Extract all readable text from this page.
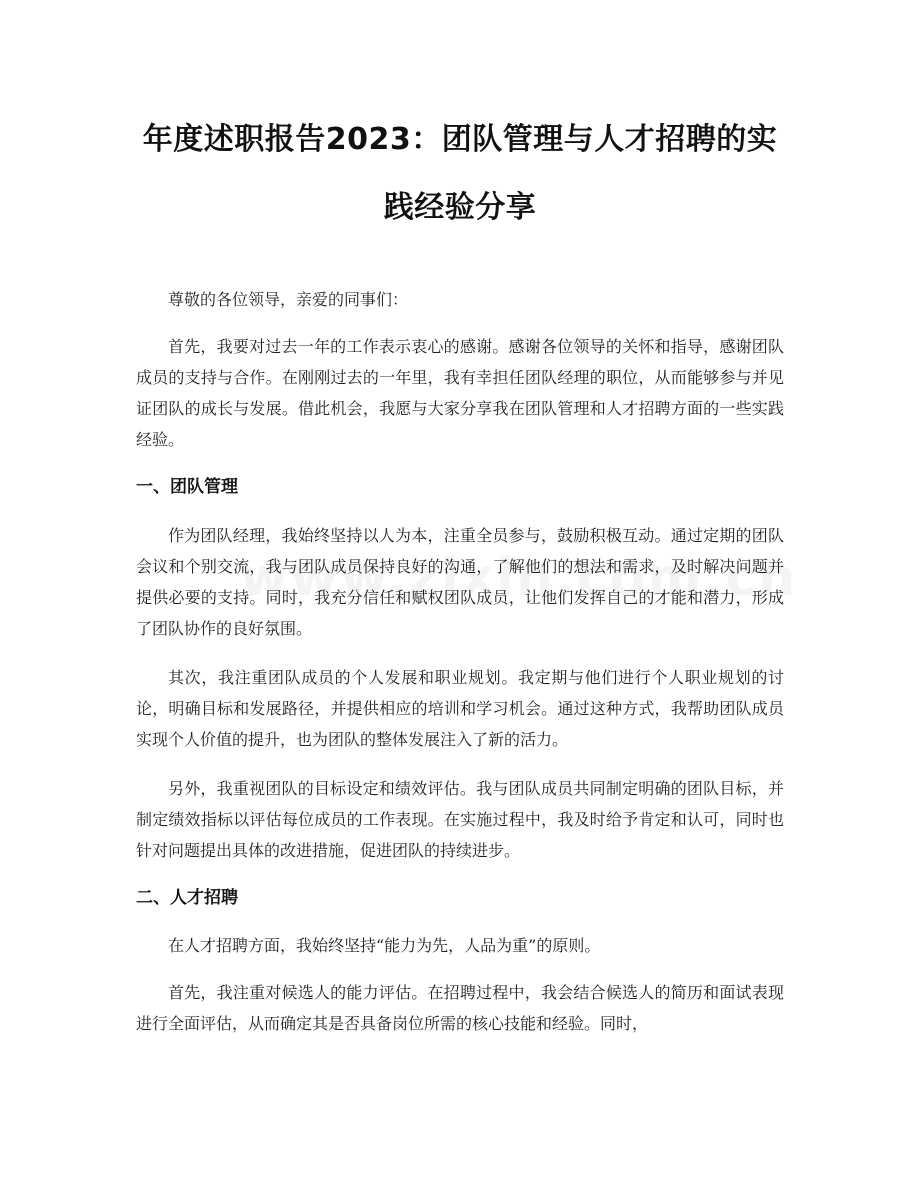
年度述职报告2023：团队管理与人才招聘的实践经验分享

尊敬的各位领导，亲爱的同事们：

首先，我要对过去一年的工作表示衷心的感谢。感谢各位领导的关怀和指导，感谢团队成员的支持与合作。在刚刚过去的一年里，我有幸担任团队经理的职位，从而能够参与并见证团队的成长与发展。借此机会，我愿与大家分享我在团队管理和人才招聘方面的一些实践经验。

一、团队管理

作为团队经理，我始终坚持以人为本，注重全员参与，鼓励积极互动。通过定期的团队会议和个别交流，我与团队成员保持良好的沟通，了解他们的想法和需求，及时解决问题并提供必要的支持。同时，我充分信任和赋权团队成员，让他们发挥自己的才能和潜力，形成了团队协作的良好氛围。

其次，我注重团队成员的个人发展和职业规划。我定期与他们进行个人职业规划的讨论，明确目标和发展路径，并提供相应的培训和学习机会。通过这种方式，我帮助团队成员实现个人价值的提升，也为团队的整体发展注入了新的活力。

另外，我重视团队的目标设定和绩效评估。我与团队成员共同制定明确的团队目标，并制定绩效指标以评估每位成员的工作表现。在实施过程中，我及时给予肯定和认可，同时也针对问题提出具体的改进措施，促进团队的持续进步。

二、人才招聘

在人才招聘方面，我始终坚持“能力为先，人品为重”的原则。

首先，我注重对候选人的能力评估。在招聘过程中，我会结合候选人的简历和面试表现进行全面评估，从而确定其是否具备岗位所需的核心技能和经验。同时，
